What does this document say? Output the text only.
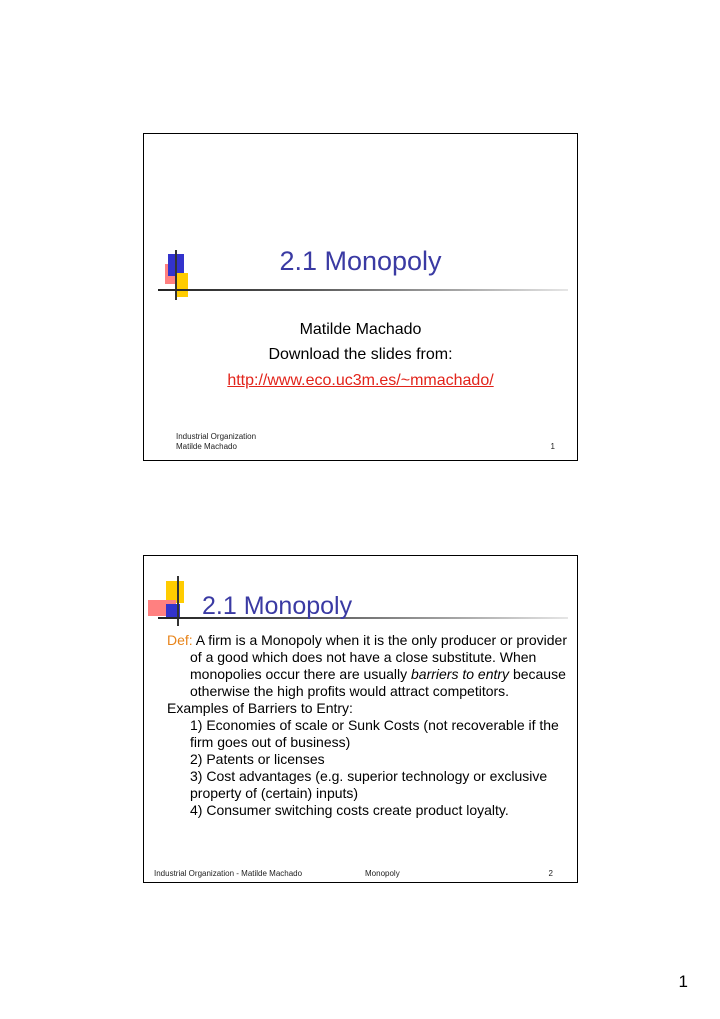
2.1 Monopoly
Matilde Machado
Download the slides from:
http://www.eco.uc3m.es/~mmachado/
Industrial Organization
Matilde Machado	1
2.1 Monopoly

Def: A firm is a Monopoly when it is the only producer or provider of a good which does not have a close substitute. When monopolies occur there are usually barriers to entry because otherwise the high profits would attract competitors.

Examples of Barriers to Entry:

1) Economies of scale or Sunk Costs (not recoverable if the firm goes out of business)

2) Patents or licenses

3) Cost advantages (e.g. superior technology or exclusive property of (certain) inputs)

4) Consumer switching costs create product loyalty.

Industrial Organization - Matilde Machado	Monopoly	2
1
